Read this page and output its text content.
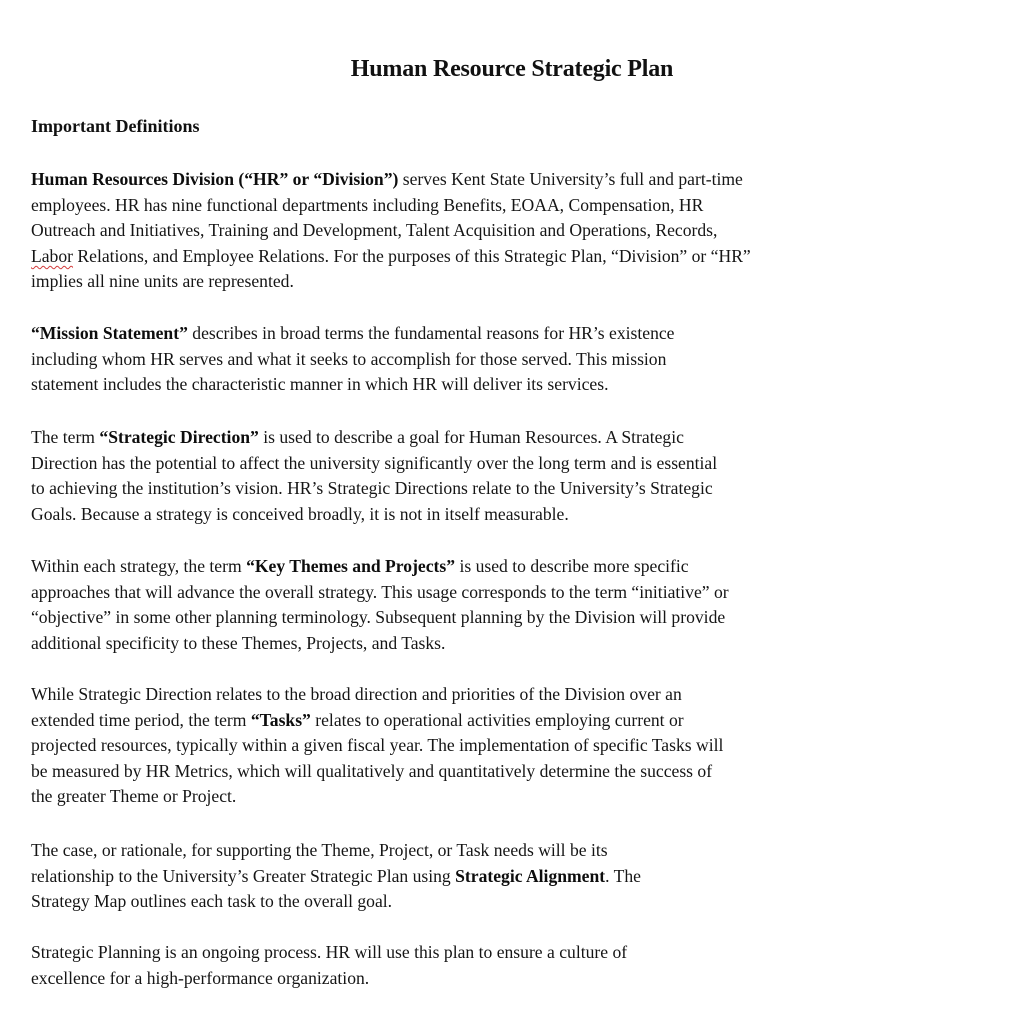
Human Resource Strategic Plan
Important Definitions
Human Resources Division (“HR” or “Division”) serves Kent State University’s full and part-time
employees. HR has nine functional departments including Benefits, EOAA, Compensation, HR
Outreach and Initiatives, Training and Development, Talent Acquisition and Operations, Records,
Labor Relations, and Employee Relations. For the purposes of this Strategic Plan, “Division” or “HR”
implies all nine units are represented.
“Mission Statement” describes in broad terms the fundamental reasons for HR’s existence
including whom HR serves and what it seeks to accomplish for those served. This mission
statement includes the characteristic manner in which HR will deliver its services.
The term “Strategic Direction” is used to describe a goal for Human Resources. A Strategic
Direction has the potential to affect the university significantly over the long term and is essential
to achieving the institution’s vision. HR’s Strategic Directions relate to the University’s Strategic
Goals. Because a strategy is conceived broadly, it is not in itself measurable.
Within each strategy, the term “Key Themes and Projects” is used to describe more specific
approaches that will advance the overall strategy. This usage corresponds to the term “initiative” or
“objective” in some other planning terminology. Subsequent planning by the Division will provide
additional specificity to these Themes, Projects, and Tasks.
While Strategic Direction relates to the broad direction and priorities of the Division over an
extended time period, the term “Tasks” relates to operational activities employing current or
projected resources, typically within a given fiscal year. The implementation of specific Tasks will
be measured by HR Metrics, which will qualitatively and quantitatively determine the success of
the greater Theme or Project.
The case, or rationale, for supporting the Theme, Project, or Task needs will be its
relationship to the University’s Greater Strategic Plan using Strategic Alignment. The
Strategy Map outlines each task to the overall goal.
Strategic Planning is an ongoing process. HR will use this plan to ensure a culture of
excellence for a high-performance organization.
